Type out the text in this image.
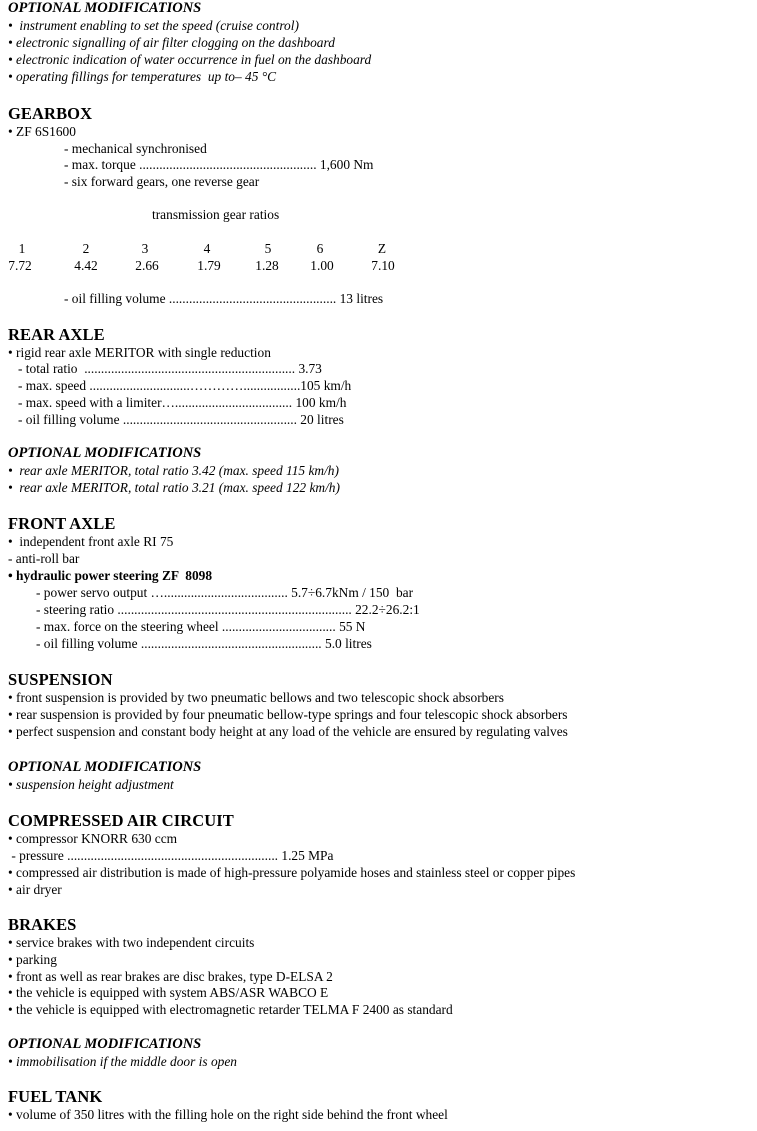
OPTIONAL MODIFICATIONS
•  instrument enabling to set the speed (cruise control)
• electronic signalling of air filter clogging on the dashboard
• electronic indication of water occurrence in fuel on the dashboard
• operating fillings for temperatures  up to– 45 °C
GEARBOX
• ZF 6S1600
- mechanical synchronised
- max. torque ..................................................... 1,600 Nm
- six forward gears, one reverse gear
transmission gear ratios
1	2	3	4	5	6	Z
7.72	4.42	2.66	1.79	1.28	1.00	7.10
- oil filling volume .................................................. 13 litres
REAR AXLE
• rigid rear axle MERITOR with single reduction
- total ratio  ............................................................... 3.73
- max. speed ..............................………….................105 km/h
- max. speed with a limiter…................................... 100 km/h
- oil filling volume .................................................... 20 litres
OPTIONAL MODIFICATIONS
•  rear axle MERITOR, total ratio 3.42 (max. speed 115 km/h)
•  rear axle MERITOR, total ratio 3.21 (max. speed 122 km/h)
FRONT AXLE
•  independent front axle RI 75
- anti-roll bar
• hydraulic power steering ZF  8098
- power servo output …..................................... 5.7÷6.7kNm / 150  bar
- steering ratio ...................................................................... 22.2÷26.2:1
- max. force on the steering wheel .................................. 55 N
- oil filling volume ...................................................... 5.0 litres
SUSPENSION
• front suspension is provided by two pneumatic bellows and two telescopic shock absorbers
• rear suspension is provided by four pneumatic bellow-type springs and four telescopic shock absorbers
• perfect suspension and constant body height at any load of the vehicle are ensured by regulating valves
OPTIONAL MODIFICATIONS
• suspension height adjustment
COMPRESSED AIR CIRCUIT
• compressor KNORR 630 ccm
- pressure ............................................................... 1.25 MPa
• compressed air distribution is made of high-pressure polyamide hoses and stainless steel or copper pipes
• air dryer
BRAKES
• service brakes with two independent circuits
• parking
• front as well as rear brakes are disc brakes, type D-ELSA 2
• the vehicle is equipped with system ABS/ASR WABCO E
• the vehicle is equipped with electromagnetic retarder TELMA F 2400 as standard
OPTIONAL MODIFICATIONS
• immobilisation if the middle door is open
FUEL TANK
• volume of 350 litres with the filling hole on the right side behind the front wheel
